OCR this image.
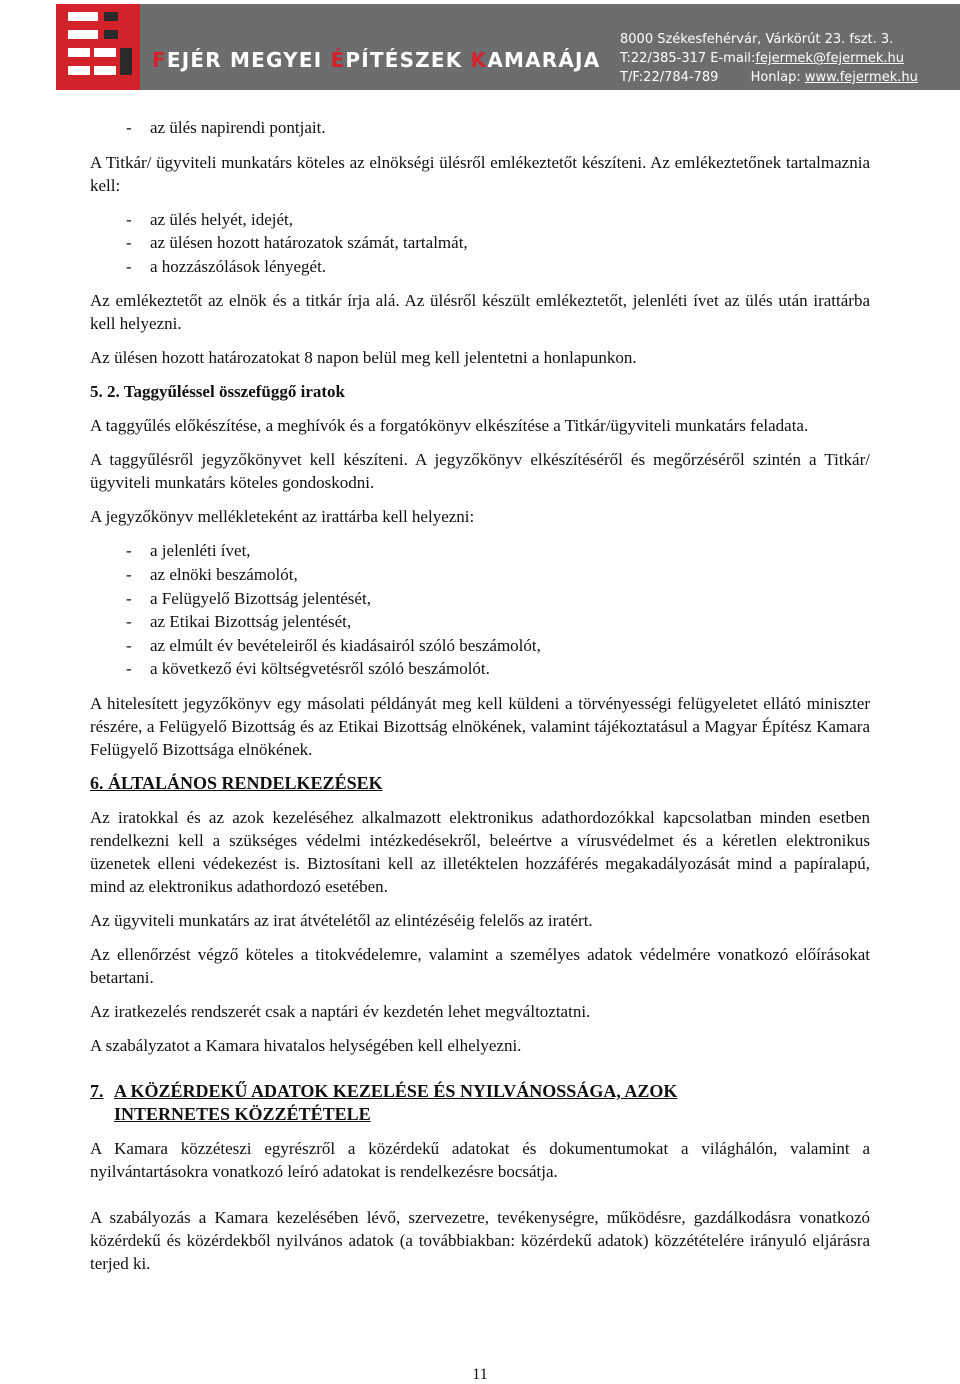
FEJÉR MEGYEI ÉPÍTÉSZEK KAMARÁJA
8000 Székesfehérvár, Várkörút 23. fszt. 3.
T:22/385-317 E-mail:fejermek@fejermek.hu
T/F:22/784-789 Honlap: www.fejermek.hu
- az ülés napirendi pontjait.

A Titkár/ ügyviteli munkatárs köteles az elnökségi ülésről emlékeztetőt készíteni. Az emlékeztetőnek tartalmaznia kell:

- az ülés helyét, idejét,
- az ülésen hozott határozatok számát, tartalmát,
- a hozzászólások lényegét.

Az emlékeztetőt az elnök és a titkár írja alá. Az ülésről készült emlékeztetőt, jelenléti ívet az ülés után irattárba kell helyezni.

Az ülésen hozott határozatokat 8 napon belül meg kell jelentetni a honlapunkon.

5. 2. Taggyűléssel összefüggő iratok

A taggyűlés előkészítése, a meghívók és a forgatókönyv elkészítése a Titkár/ügyviteli munkatárs feladata.

A taggyűlésről jegyzőkönyvet kell készíteni. A jegyzőkönyv elkészítéséről és megőrzéséről szintén a Titkár/ügyviteli munkatárs köteles gondoskodni.

A jegyzőkönyv mellékleteként az irattárba kell helyezni:

- a jelenléti ívet,
- az elnöki beszámolót,
- a Felügyelő Bizottság jelentését,
- az Etikai Bizottság jelentését,
- az elmúlt év bevételeiről és kiadásairól szóló beszámolót,
- a következő évi költségvetésről szóló beszámolót.

A hitelesített jegyzőkönyv egy másolati példányát meg kell küldeni a törvényességi felügyeletet ellátó miniszter részére, a Felügyelő Bizottság és az Etikai Bizottság elnökének, valamint tájékoztatásul a Magyar Építész Kamara Felügyelő Bizottsága elnökének.

6. ÁLTALÁNOS RENDELKEZÉSEK

Az iratokkal és az azok kezeléséhez alkalmazott elektronikus adathordozókkal kapcsolatban minden esetben rendelkezni kell a szükséges védelmi intézkedésekről, beleértve a vírusvédelmet és a kéretlen elektronikus üzenetek elleni védekezést is. Biztosítani kell az illetéktelen hozzáférés megakadályozását mind a papíralapú, mind az elektronikus adathordozó esetében.

Az ügyviteli munkatárs az irat átvételétől az elintézéséig felelős az iratért.

Az ellenőrzést végző köteles a titokvédelemre, valamint a személyes adatok védelmére vonatkozó előírásokat betartani.

Az iratkezelés rendszerét csak a naptári év kezdetén lehet megváltoztatni.

A szabályzatot a Kamara hivatalos helységében kell elhelyezni.

7. A KÖZÉRDEKŰ ADATOK KEZELÉSE ÉS NYILVÁNOSSÁGA, AZOK
INTERNETES KÖZZÉTÉTELE

A Kamara közzéteszi egyrészről a közérdekű adatokat és dokumentumokat a világhálón, valamint a nyilvántartásokra vonatkozó leíró adatokat is rendelkezésre bocsátja.

A szabályozás a Kamara kezelésében lévő, szervezetre, tevékenységre, működésre, gazdálkodásra vonatkozó közérdekű és közérdekből nyilvános adatok (a továbbiakban: közérdekű adatok) közzétételére irányuló eljárásra terjed ki.

11
